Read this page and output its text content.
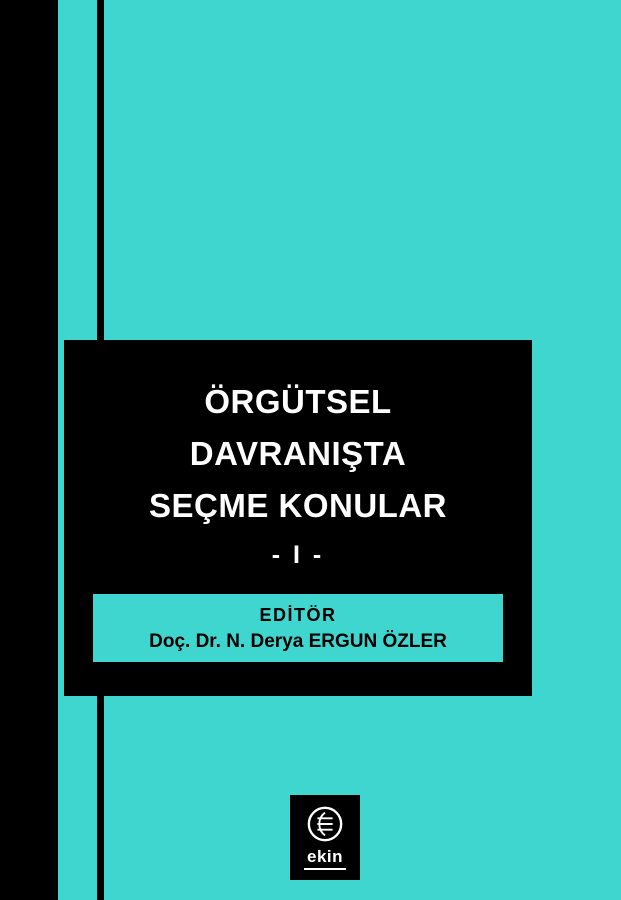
ÖRGÜTSEL

DAVRANIŞTA

SEÇME KONULAR

- I -

EDİTÖR

Doç. Dr. N. Derya ERGUN ÖZLER

ekin
